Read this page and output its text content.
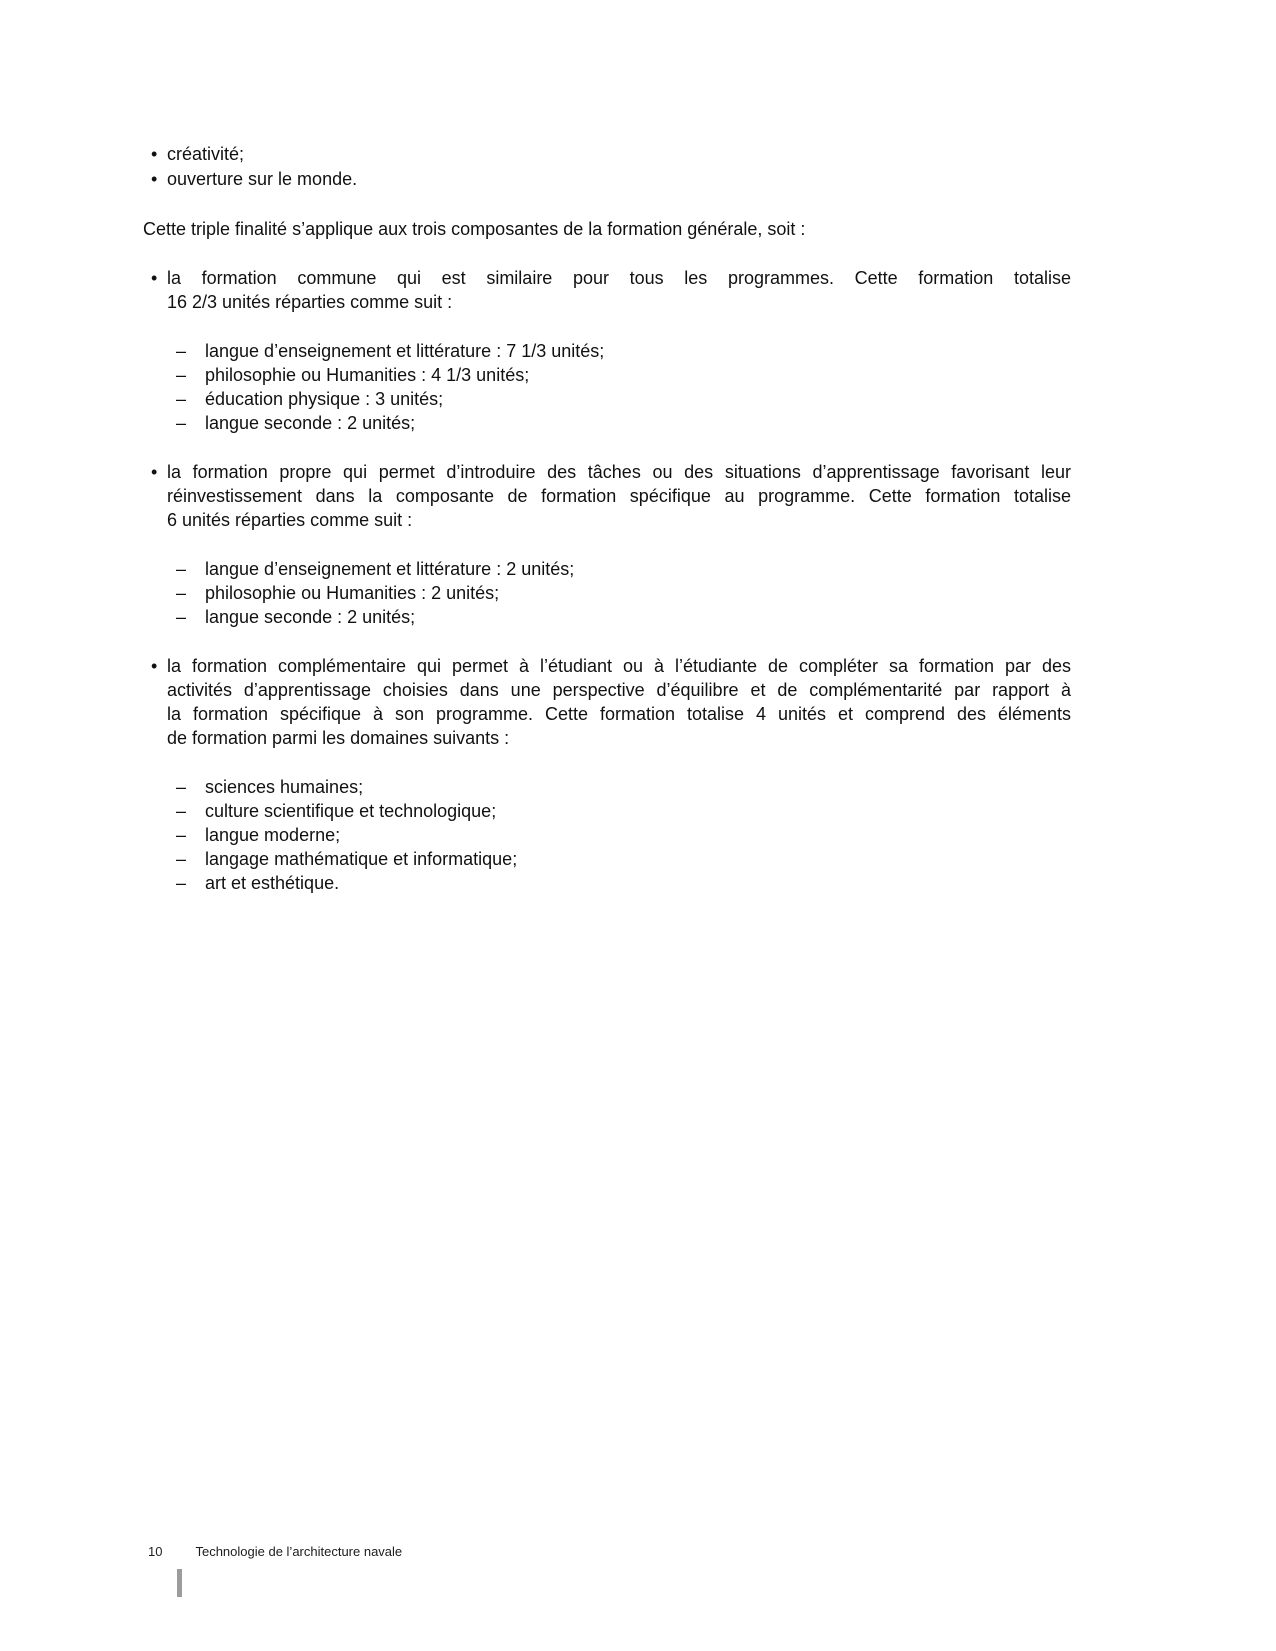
• créativité;
• ouverture sur le monde.

Cette triple finalité s’applique aux trois composantes de la formation générale, soit :

• la formation commune qui est similaire pour tous les programmes. Cette formation totalise
16 2/3 unités réparties comme suit :
– langue d’enseignement et littérature : 7 1/3 unités;
– philosophie ou Humanities : 4 1/3 unités;
– éducation physique : 3 unités;
– langue seconde : 2 unités;
• la formation propre qui permet d’introduire des tâches ou des situations d’apprentissage favorisant leur
réinvestissement dans la composante de formation spécifique au programme. Cette formation totalise
6 unités réparties comme suit :
– langue d’enseignement et littérature : 2 unités;
– philosophie ou Humanities : 2 unités;
– langue seconde : 2 unités;
• la formation complémentaire qui permet à l’étudiant ou à l’étudiante de compléter sa formation par des
activités d’apprentissage choisies dans une perspective d’équilibre et de complémentarité par rapport à
la formation spécifique à son programme. Cette formation totalise 4 unités et comprend des éléments
de formation parmi les domaines suivants :
– sciences humaines;
– culture scientifique et technologique;
– langue moderne;
– langage mathématique et informatique;
– art et esthétique.
10	Technologie de l’architecture navale
